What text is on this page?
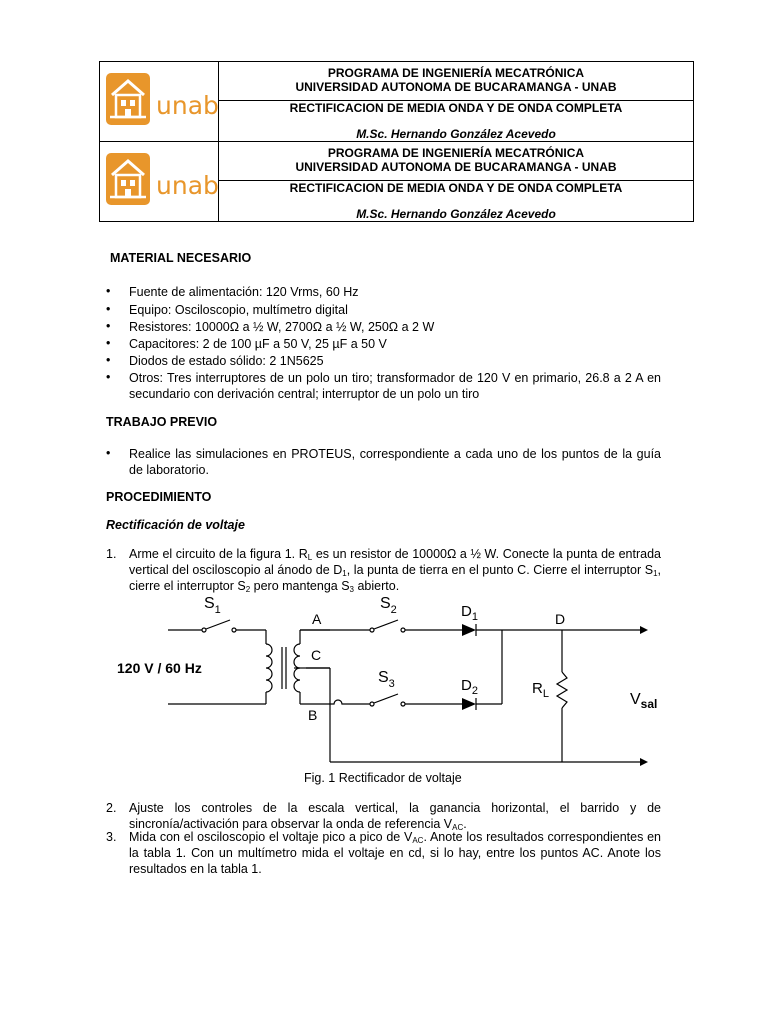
unab	PROGRAMA DE INGENIERÍA MECATRÓNICA
UNIVERSIDAD AUTONOMA DE BUCARAMANGA - UNAB

	RECTIFICACION DE MEDIA ONDA Y DE ONDA COMPLETA
M.Sc. Hernando González Acevedo

unab	PROGRAMA DE INGENIERÍA MECATRÓNICA
UNIVERSIDAD AUTONOMA DE BUCARAMANGA - UNAB

	RECTIFICACION DE MEDIA ONDA Y DE ONDA COMPLETA
M.Sc. Hernando González Acevedo
MATERIAL NECESARIO
• Fuente de alimentación: 120 Vrms, 60 Hz
• Equipo: Osciloscopio, multímetro digital
• Resistores: 10000Ω a ½ W, 2700Ω a ½ W, 250Ω a 2 W
• Capacitores: 2 de 100 µF a 50 V, 25 µF a 50 V
• Diodos de estado sólido: 2 1N5625
• Otros: Tres interruptores de un polo un tiro; transformador de 120 V en primario, 26.8 a 2 A en secundario con derivación central; interruptor de un polo un tiro
TRABAJO PREVIO
• Realice las simulaciones en PROTEUS, correspondiente a cada uno de los puntos de la guía de laboratorio.
PROCEDIMIENTO
Rectificación de voltaje
1. Arme el circuito de la figura 1. $R_L$ es un resistor de 10000Ω a ½ W. Conecte la punta de entrada vertical del osciloscopio al ánodo de $D_1$, la punta de tierra en el punto C. Cierre el interruptor $S_1$, cierre el interruptor $S_2$ pero mantenga $S_3$ abierto.
$S_1$	$S_2$
$S_3$
$D_1$
$D_2$
A
C
B
D
120 V / 60 Hz
$R_L$	$V_{sal}$
Fig. 1 Rectificador de voltaje
2. Ajuste los controles de la escala vertical, la ganancia horizontal, el barrido y de sincronía/activación para observar la onda de referencia $V_{AC}$.
3. Mida con el osciloscopio el voltaje pico a pico de $V_{AC}$. Anote los resultados correspondientes en la tabla 1. Con un multímetro mida el voltaje en cd, si lo hay, entre los puntos AC. Anote los resultados en la tabla 1.
